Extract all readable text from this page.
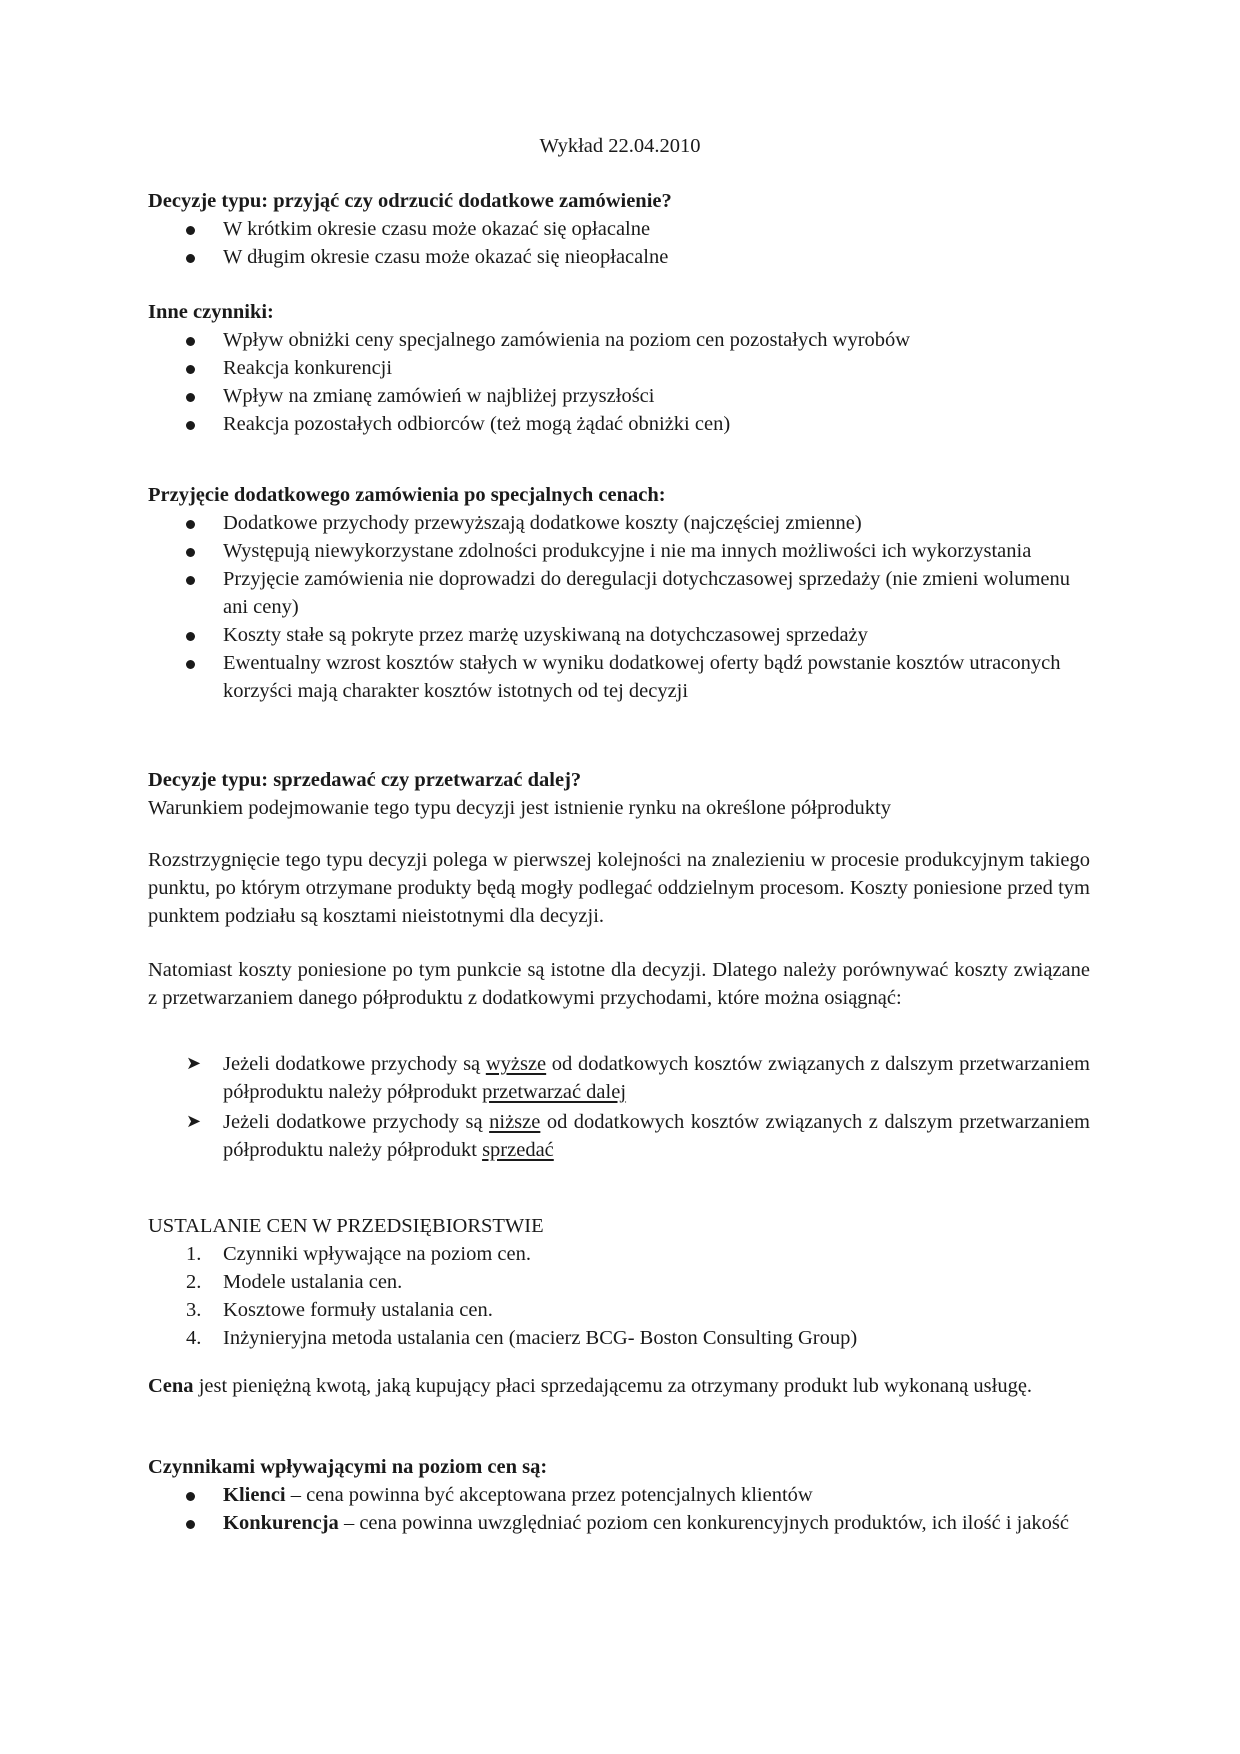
Wykład 22.04.2010
Decyzje typu: przyjąć czy odrzucić dodatkowe zamówienie?
W krótkim okresie czasu może okazać się opłacalne
W długim okresie czasu może okazać się nieopłacalne
Inne czynniki:
Wpływ obniżki ceny specjalnego zamówienia na poziom cen pozostałych wyrobów
Reakcja konkurencji
Wpływ na zmianę zamówień w najbliżej przyszłości
Reakcja pozostałych odbiorców (też mogą żądać obniżki cen)
Przyjęcie dodatkowego zamówienia po specjalnych cenach:
Dodatkowe przychody przewyższają dodatkowe koszty (najczęściej zmienne)
Występują niewykorzystane zdolności produkcyjne i nie ma innych możliwości ich wykorzystania
Przyjęcie zamówienia nie doprowadzi do deregulacji dotychczasowej sprzedaży (nie zmieni wolumenu ani ceny)
Koszty stałe są pokryte przez marżę uzyskiwaną na dotychczasowej sprzedaży
Ewentualny wzrost kosztów stałych w wyniku dodatkowej oferty bądź powstanie kosztów utraconych korzyści mają charakter kosztów istotnych od tej decyzji
Decyzje typu: sprzedawać czy przetwarzać dalej?
Warunkiem podejmowanie tego typu decyzji jest istnienie rynku na określone półprodukty
Rozstrzygnięcie tego typu decyzji polega w pierwszej kolejności na znalezieniu w procesie produkcyjnym takiego punktu, po którym otrzymane produkty będą mogły podlegać oddzielnym procesom. Koszty poniesione przed tym punktem podziału są kosztami nieistotnymi dla decyzji.
Natomiast koszty poniesione po tym punkcie są istotne dla decyzji. Dlatego należy porównywać koszty związane z przetwarzaniem danego półproduktu z dodatkowymi przychodami, które można osiągnąć:
➤ Jeżeli dodatkowe przychody są wyższe od dodatkowych kosztów związanych z dalszym przetwarzaniem półproduktu należy półprodukt przetwarzać dalej
➤ Jeżeli dodatkowe przychody są niższe od dodatkowych kosztów związanych z dalszym przetwarzaniem półproduktu należy półprodukt sprzedać
USTALANIE CEN W PRZEDSIĘBIORSTWIE
1.	Czynniki wpływające na poziom cen.
2.	Modele ustalania cen.
3.	Kosztowe formuły ustalania cen.
4.	Inżynieryjna metoda ustalania cen (macierz BCG- Boston Consulting Group)
Cena jest pieniężną kwotą, jaką kupujący płaci sprzedającemu za otrzymany produkt lub wykonaną usługę.
Czynnikami wpływającymi na poziom cen są:
Klienci – cena powinna być akceptowana przez potencjalnych klientów
Konkurencja – cena powinna uwzględniać poziom cen konkurencyjnych produktów, ich ilość i jakość
